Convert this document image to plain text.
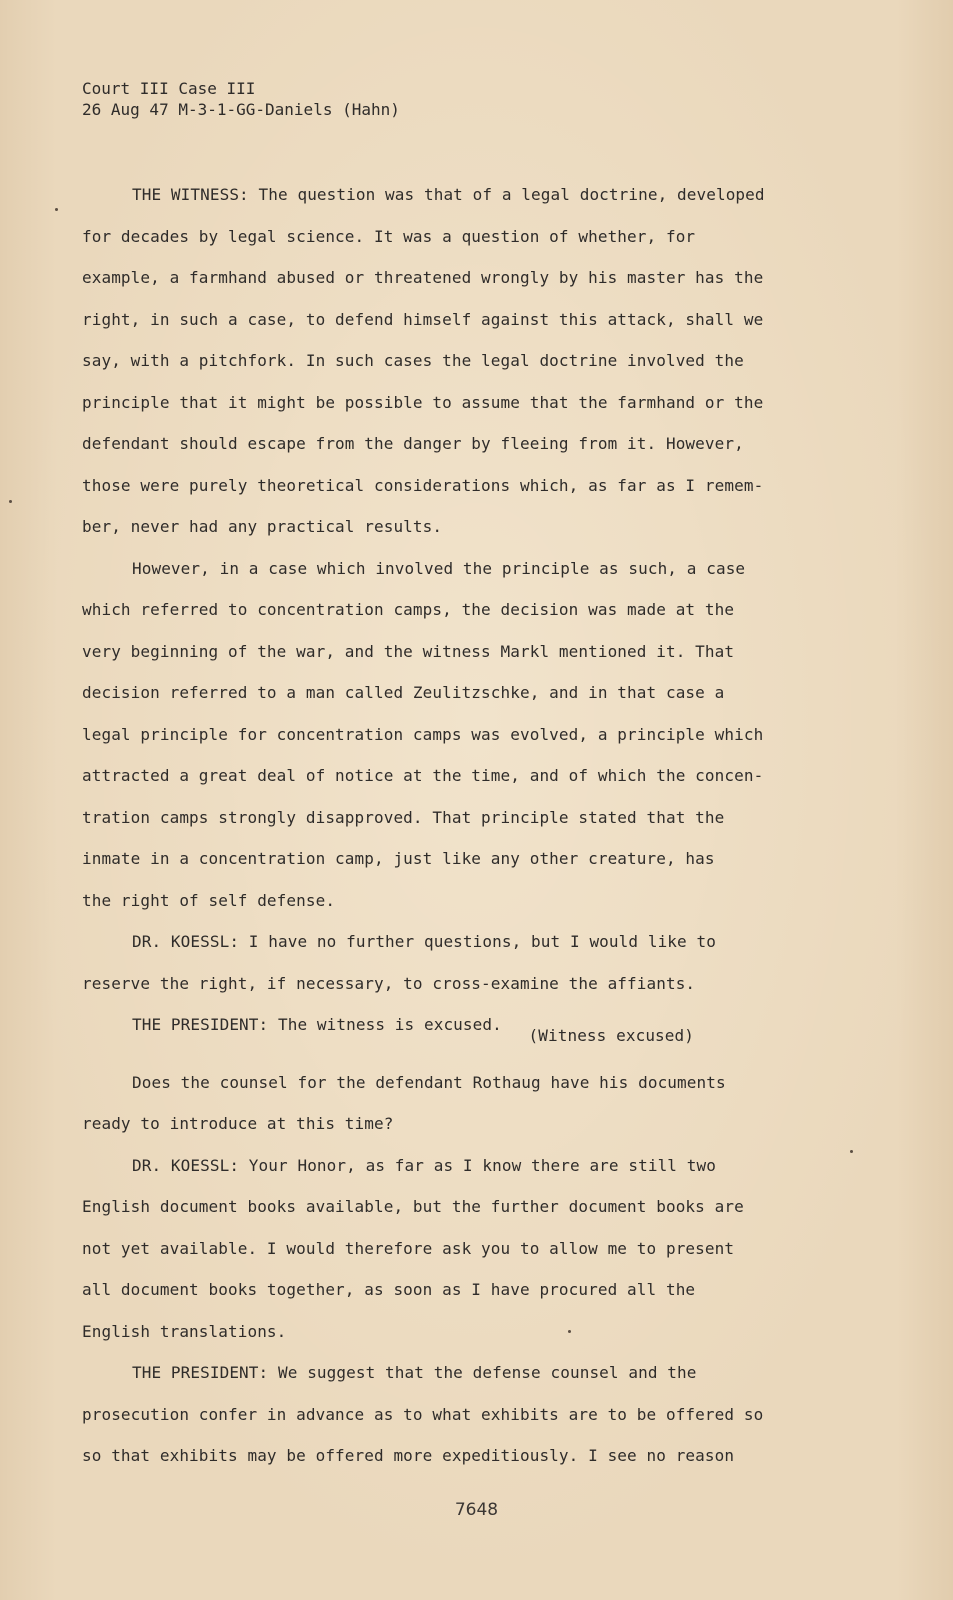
Court III Case III
26 Aug 47 M-3-1-GG-Daniels (Hahn)
THE WITNESS: The question was that of a legal doctrine, developed
for decades by legal science. It was a question of whether, for
example, a farmhand abused or threatened wrongly by his master has the
right, in such a case, to defend himself against this attack, shall we
say, with a pitchfork. In such cases the legal doctrine involved the
principle that it might be possible to assume that the farmhand or the
defendant should escape from the danger by fleeing from it. However,
those were purely theoretical considerations which, as far as I remem-
ber, never had any practical results.
However, in a case which involved the principle as such, a case
which referred to concentration camps, the decision was made at the
very beginning of the war, and the witness Markl mentioned it. That
decision referred to a man called Zeulitzschke, and in that case a
legal principle for concentration camps was evolved, a principle which
attracted a great deal of notice at the time, and of which the concen-
tration camps strongly disapproved. That principle stated that the
inmate in a concentration camp, just like any other creature, has
the right of self defense.
DR. KOESSL: I have no further questions, but I would like to
reserve the right, if necessary, to cross-examine the affiants.
THE PRESIDENT: The witness is excused.
(Witness excused)
Does the counsel for the defendant Rothaug have his documents
ready to introduce at this time?
DR. KOESSL: Your Honor, as far as I know there are still two
English document books available, but the further document books are
not yet available. I would therefore ask you to allow me to present
all document books together, as soon as I have procured all the
English translations.
THE PRESIDENT: We suggest that the defense counsel and the
prosecution confer in advance as to what exhibits are to be offered so
so that exhibits may be offered more expeditiously. I see no reason
7648
